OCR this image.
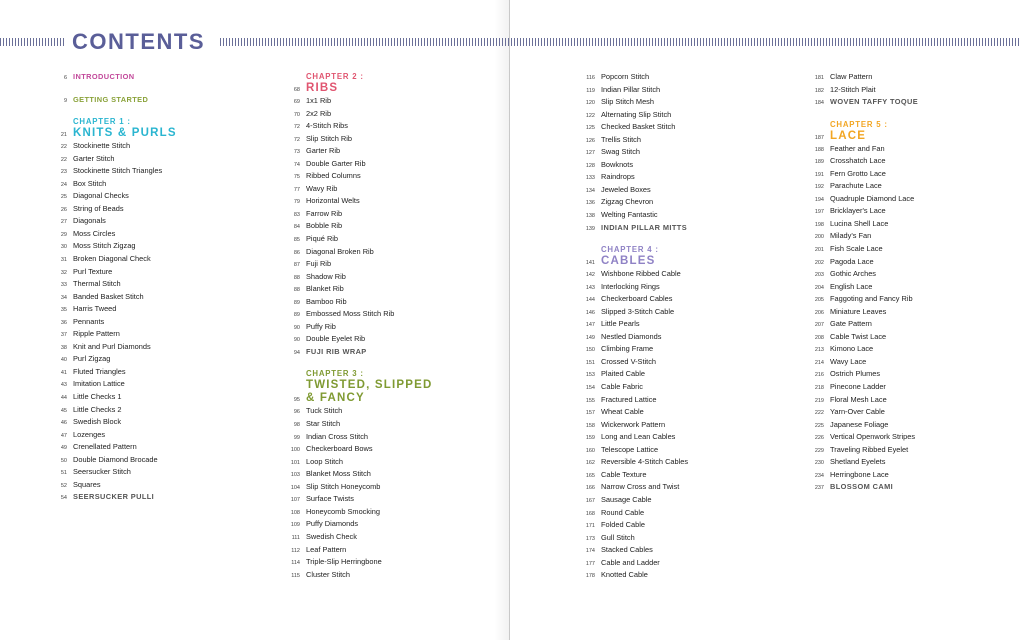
CONTENTS
6 INTRODUCTION
9 GETTING STARTED
CHAPTER 1 :
21 KNITS & PURLS
22 Stockinette Stitch
22 Garter Stitch
23 Stockinette Stitch Triangles
24 Box Stitch
25 Diagonal Checks
26 String of Beads
27 Diagonals
29 Moss Circles
30 Moss Stitch Zigzag
31 Broken Diagonal Check
32 Purl Texture
33 Thermal Stitch
34 Banded Basket Stitch
35 Harris Tweed
36 Pennants
37 Ripple Pattern
38 Knit and Purl Diamonds
40 Purl Zigzag
41 Fluted Triangles
43 Imitation Lattice
44 Little Checks 1
45 Little Checks 2
46 Swedish Block
47 Lozenges
49 Crenellated Pattern
50 Double Diamond Brocade
51 Seersucker Stitch
52 Squares
54 SEERSUCKER PULLI
CHAPTER 2 :
68 RIBS
69 1x1 Rib
70 2x2 Rib
72 4-Stitch Ribs
72 Slip Stitch Rib
73 Garter Rib
74 Double Garter Rib
75 Ribbed Columns
77 Wavy Rib
79 Horizontal Welts
83 Farrow Rib
84 Bobble Rib
85 Piqué Rib
86 Diagonal Broken Rib
87 Fuji Rib
88 Shadow Rib
88 Blanket Rib
89 Bamboo Rib
89 Embossed Moss Stitch Rib
90 Puffy Rib
90 Double Eyelet Rib
94 FUJI RIB WRAP
CHAPTER 3 :
TWISTED, SLIPPED
95 & FANCY
96 Tuck Stitch
98 Star Stitch
99 Indian Cross Stitch
100 Checkerboard Bows
101 Loop Stitch
103 Blanket Moss Stitch
104 Slip Stitch Honeycomb
107 Surface Twists
108 Honeycomb Smocking
109 Puffy Diamonds
111 Swedish Check
112 Leaf Pattern
114 Triple-Slip Herringbone
115 Cluster Stitch
116 Popcorn Stitch
119 Indian Pillar Stitch
120 Slip Stitch Mesh
122 Alternating Slip Stitch
125 Checked Basket Stitch
126 Trellis Stitch
127 Swag Stitch
128 Bowknots
133 Raindrops
134 Jeweled Boxes
136 Zigzag Chevron
138 Welting Fantastic
139 INDIAN PILLAR MITTS
CHAPTER 4 :
141 CABLES
142 Wishbone Ribbed Cable
143 Interlocking Rings
144 Checkerboard Cables
146 Slipped 3-Stitch Cable
147 Little Pearls
149 Nestled Diamonds
150 Climbing Frame
151 Crossed V-Stitch
153 Plaited Cable
154 Cable Fabric
155 Fractured Lattice
157 Wheat Cable
158 Wickerwork Pattern
159 Long and Lean Cables
160 Telescope Lattice
162 Reversible 4-Stitch Cables
165 Cable Texture
166 Narrow Cross and Twist
167 Sausage Cable
168 Round Cable
171 Folded Cable
173 Gull Stitch
174 Stacked Cables
177 Cable and Ladder
178 Knotted Cable
181 Claw Pattern
182 12-Stitch Plait
184 WOVEN TAFFY TOQUE
CHAPTER 5 :
187 LACE
188 Feather and Fan
189 Crosshatch Lace
191 Fern Grotto Lace
192 Parachute Lace
194 Quadruple Diamond Lace
197 Bricklayer's Lace
198 Lucina Shell Lace
200 Milady's Fan
201 Fish Scale Lace
202 Pagoda Lace
203 Gothic Arches
204 English Lace
205 Faggoting and Fancy Rib
206 Miniature Leaves
207 Gate Pattern
208 Cable Twist Lace
213 Kimono Lace
214 Wavy Lace
216 Ostrich Plumes
218 Pinecone Ladder
219 Floral Mesh Lace
222 Yarn-Over Cable
225 Japanese Foliage
226 Vertical Openwork Stripes
229 Traveling Ribbed Eyelet
230 Shetland Eyelets
234 Herringbone Lace
237 BLOSSOM CAMI
